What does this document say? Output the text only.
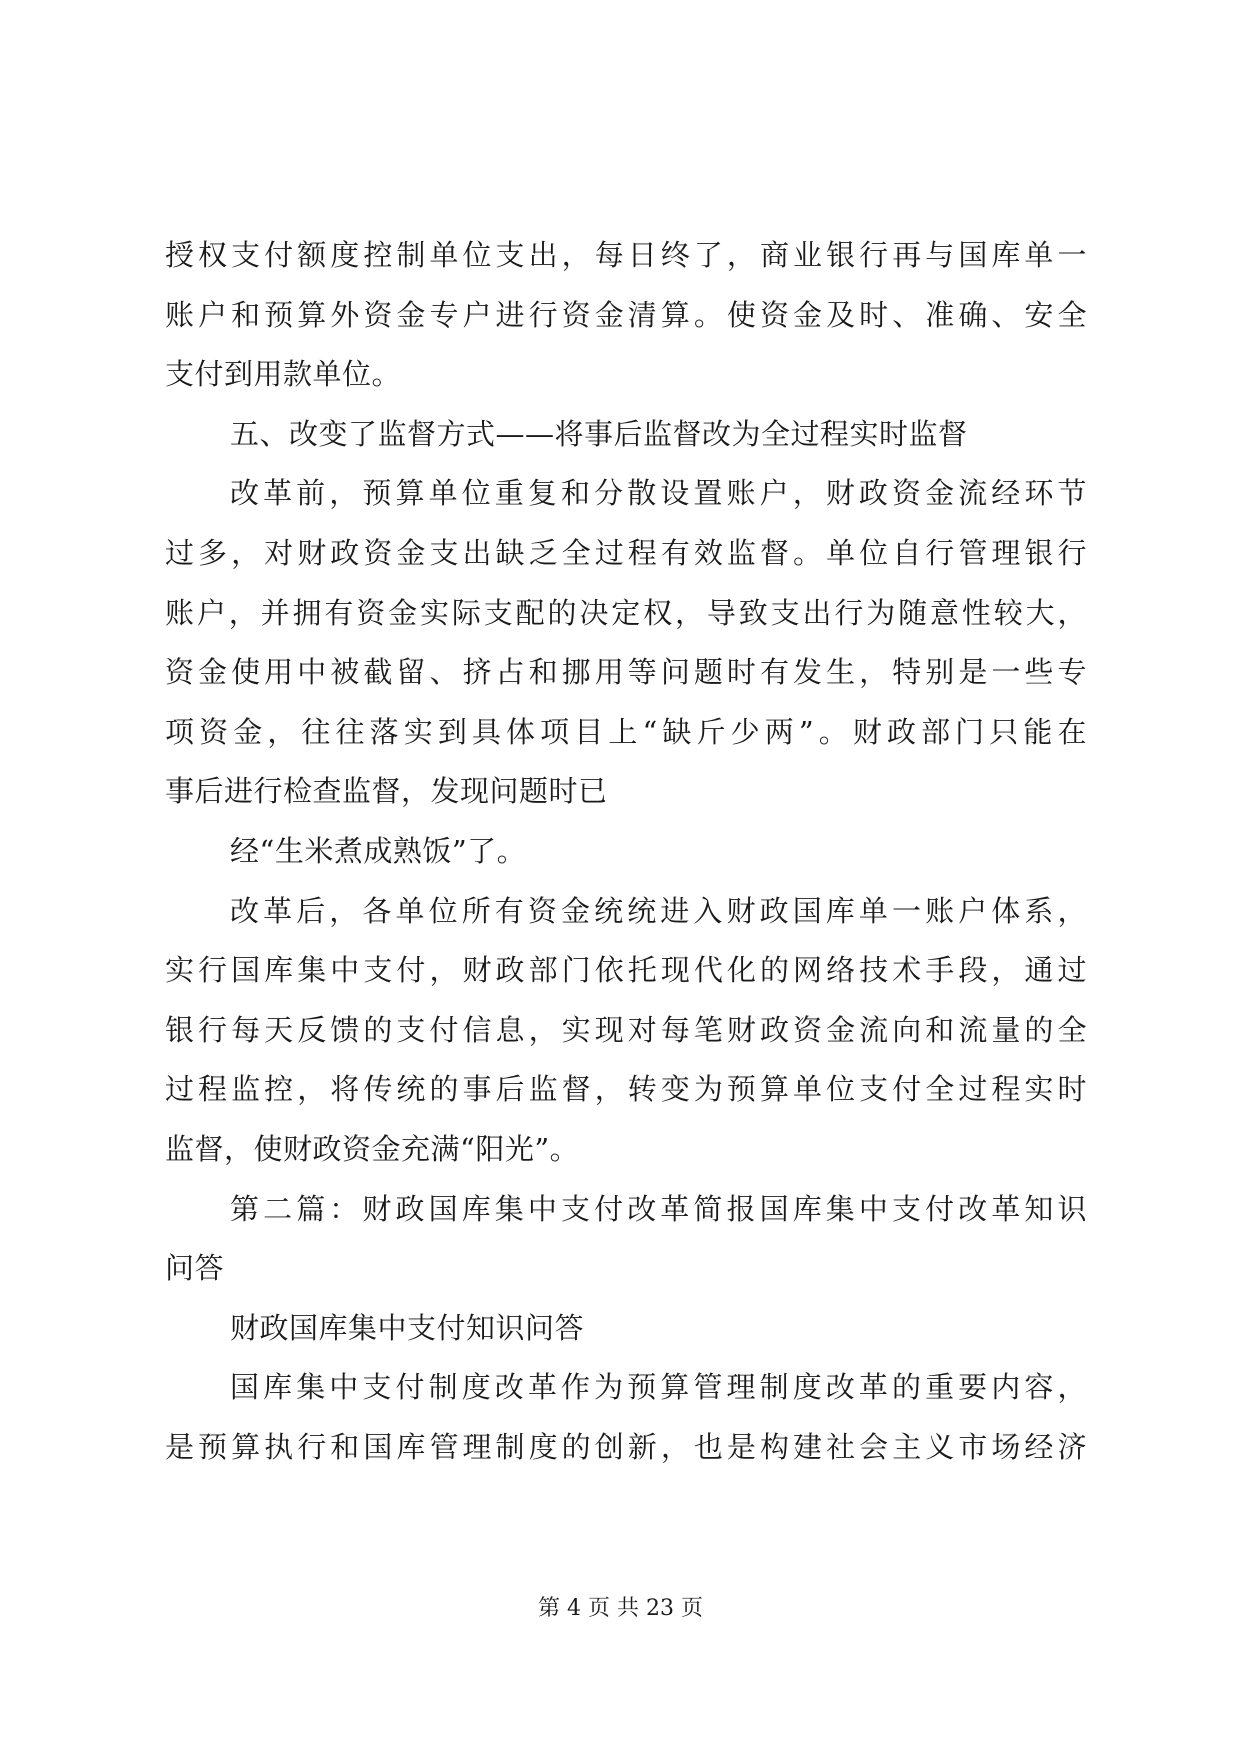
授权支付额度控制单位支出，每日终了，商业银行再与国库单一
账户和预算外资金专户进行资金清算。使资金及时、准确、安全
支付到用款单位。
五、改变了监督方式——将事后监督改为全过程实时监督
改革前，预算单位重复和分散设置账户，财政资金流经环节
过多，对财政资金支出缺乏全过程有效监督。单位自行管理银行
账户，并拥有资金实际支配的决定权，导致支出行为随意性较大，
资金使用中被截留、挤占和挪用等问题时有发生，特别是一些专
项资金，往往落实到具体项目上“缺斤少两”。财政部门只能在
事后进行检查监督，发现问题时已
经“生米煮成熟饭”了。
改革后，各单位所有资金统统进入财政国库单一账户体系，
实行国库集中支付，财政部门依托现代化的网络技术手段，通过
银行每天反馈的支付信息，实现对每笔财政资金流向和流量的全
过程监控，将传统的事后监督，转变为预算单位支付全过程实时
监督，使财政资金充满“阳光”。
第二篇：财政国库集中支付改革简报国库集中支付改革知识
问答
财政国库集中支付知识问答
国库集中支付制度改革作为预算管理制度改革的重要内容，
是预算执行和国库管理制度的创新，也是构建社会主义市场经济
第 4 页 共 23 页
